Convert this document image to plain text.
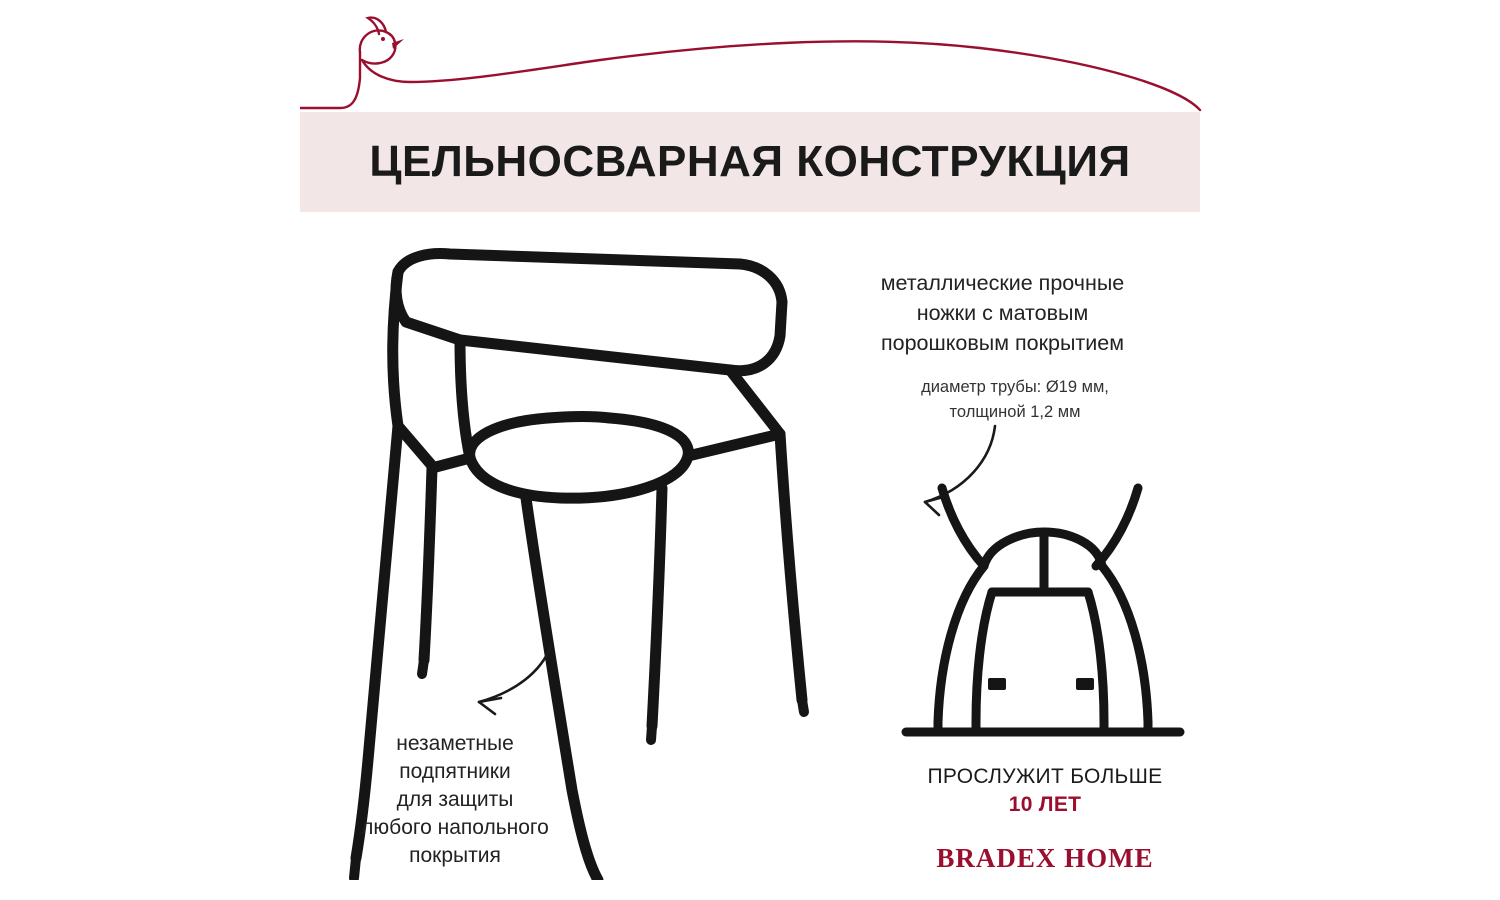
ЦЕЛЬНОСВАРНАЯ КОНСТРУКЦИЯ
металлические прочные
ножки с матовым
порошковым покрытием
диаметр трубы: Ø19 мм,
толщиной 1,2 мм
незаметные
подпятники
для защиты
любого напольного
покрытия
ПРОСЛУЖИТ БОЛЬШЕ
10 ЛЕТ
BRADEX HOME
